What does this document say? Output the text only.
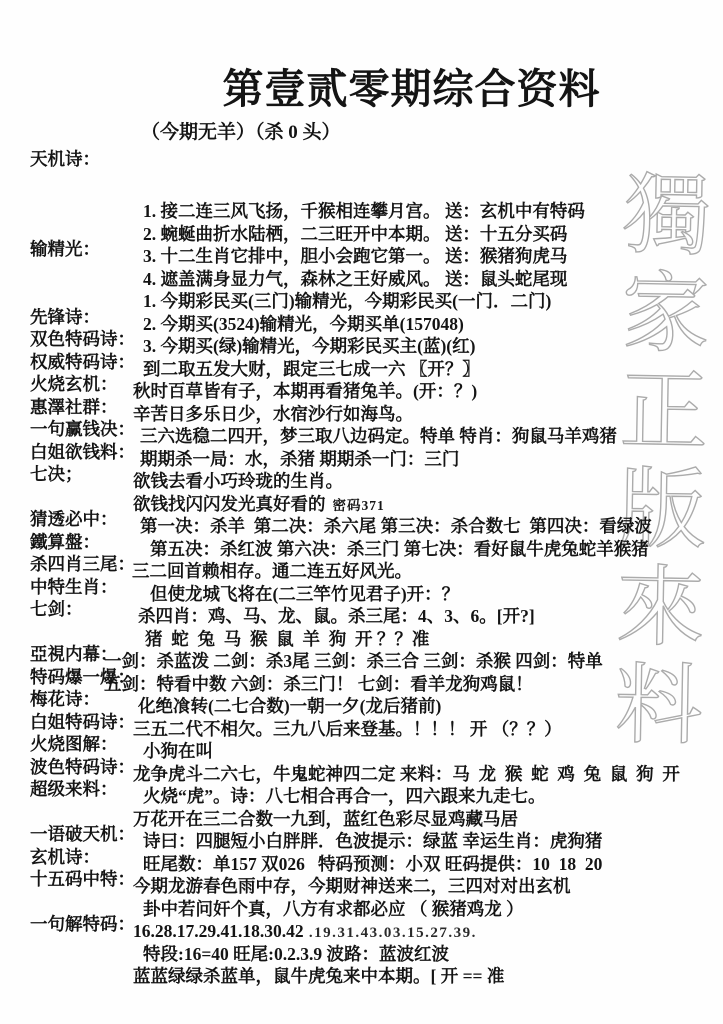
獨家正版來料
第壹贰零期综合资料
（今期无羊）（杀 0 头）

天机诗：

1. 接二连三风飞扬，千猴相连攀月宫。 送：玄机中有特码

2. 蜿蜒曲折水陆栖，二三旺开中本期。 送：十五分买码

3. 十二生肖它排中，胆小会跑它第一。 送：猴猪狗虎马

4. 遮盖满身显力气，森林之王好威风。 送：鼠头蛇尾现

输精光：

1. 今期彩民买(三门)输精光，今期彩民买(一门．二门)

2. 今期买(3524)输精光，今期买单(157048)

3. 今期买(绿)输精光，今期彩民买主(蓝)(红)

先锋诗：

到二取五发大财，跟定三七成一六 〖开？〗

双色特码诗：

秋时百草皆有子，本期再看猪兔羊。(开：？)

权威特码诗：

辛苦日多乐日少，水宿沙行如海鸟。

火烧玄机：

三六选稳二四开，梦三取八边码定。特单 特肖：狗鼠马羊鸡猪

惠澤社群：

期期杀一局：水，杀猪 期期杀一门：三门

一句赢钱决：

欲钱去看小巧玲珑的生肖。

白姐欲钱料：

欲钱找闪闪发光真好看的 密码371

七决；

第一决：杀羊  第二决：杀六尾 第三决：杀合数七  第四决：看绿波

第五决：杀红波 第六决：杀三门 第七决：看好鼠牛虎兔蛇羊猴猪

猜透必中：

三二回首赖相存。通二连五好风光。

鐵算盤：

但使龙城飞将在(二三竿竹见君子)开：？

杀四肖三尾：

杀四肖：鸡、马、龙、鼠。杀三尾：4、3、6。[开?]

中特生肖：

猪  蛇  兔  马  猴  鼠  羊  狗  开 ？？准

七剑：

一剑：杀蓝泼 二剑：杀3尾 三剑：杀三合 三剑：杀猴 四剑：特单

五剑：特看中数 六剑：杀三门！ 七剑：看羊龙狗鸡鼠！

亞視内幕：

化绝飡转(二七合数)一朝一夕(龙后猪前)

特码爆一爆：

三五二代不相欠。三九八后来登基。！！！ 开 （？？）

梅花诗：

小狗在叫

白姐特码诗：

龙争虎斗二六七，牛鬼蛇神四二定 来料：马  龙  猴  蛇  鸡  兔  鼠  狗  开

火烧图解：

火烧“虎”。诗：八七相合再合一，四六跟来九走七。

波色特码诗：

万花开在三二合数一九到，蓝红色彩尽显鸡藏马居

超级来料：

诗曰：四腿短小白胖胖．色波提示：绿蓝 幸运生肖：虎狗猪

旺尾数：单157 双026   特码预测：小双 旺码提供：10  18  20

一语破天机：

今期龙游春色雨中存，今期财神送来二，三四对对出玄机

玄机诗：

卦中若问奸个真，八方有求都必应 （ 猴猪鸡龙 ）

十五码中特：

16.28.17.29.41.18.30.42 .19.31.43.03.15.27.39.

特段:16=40 旺尾:0.2.3.9 波路：蓝波红波

一句解特码：

蓝蓝绿绿杀蓝单，鼠牛虎兔来中本期。[ 开 == 准
